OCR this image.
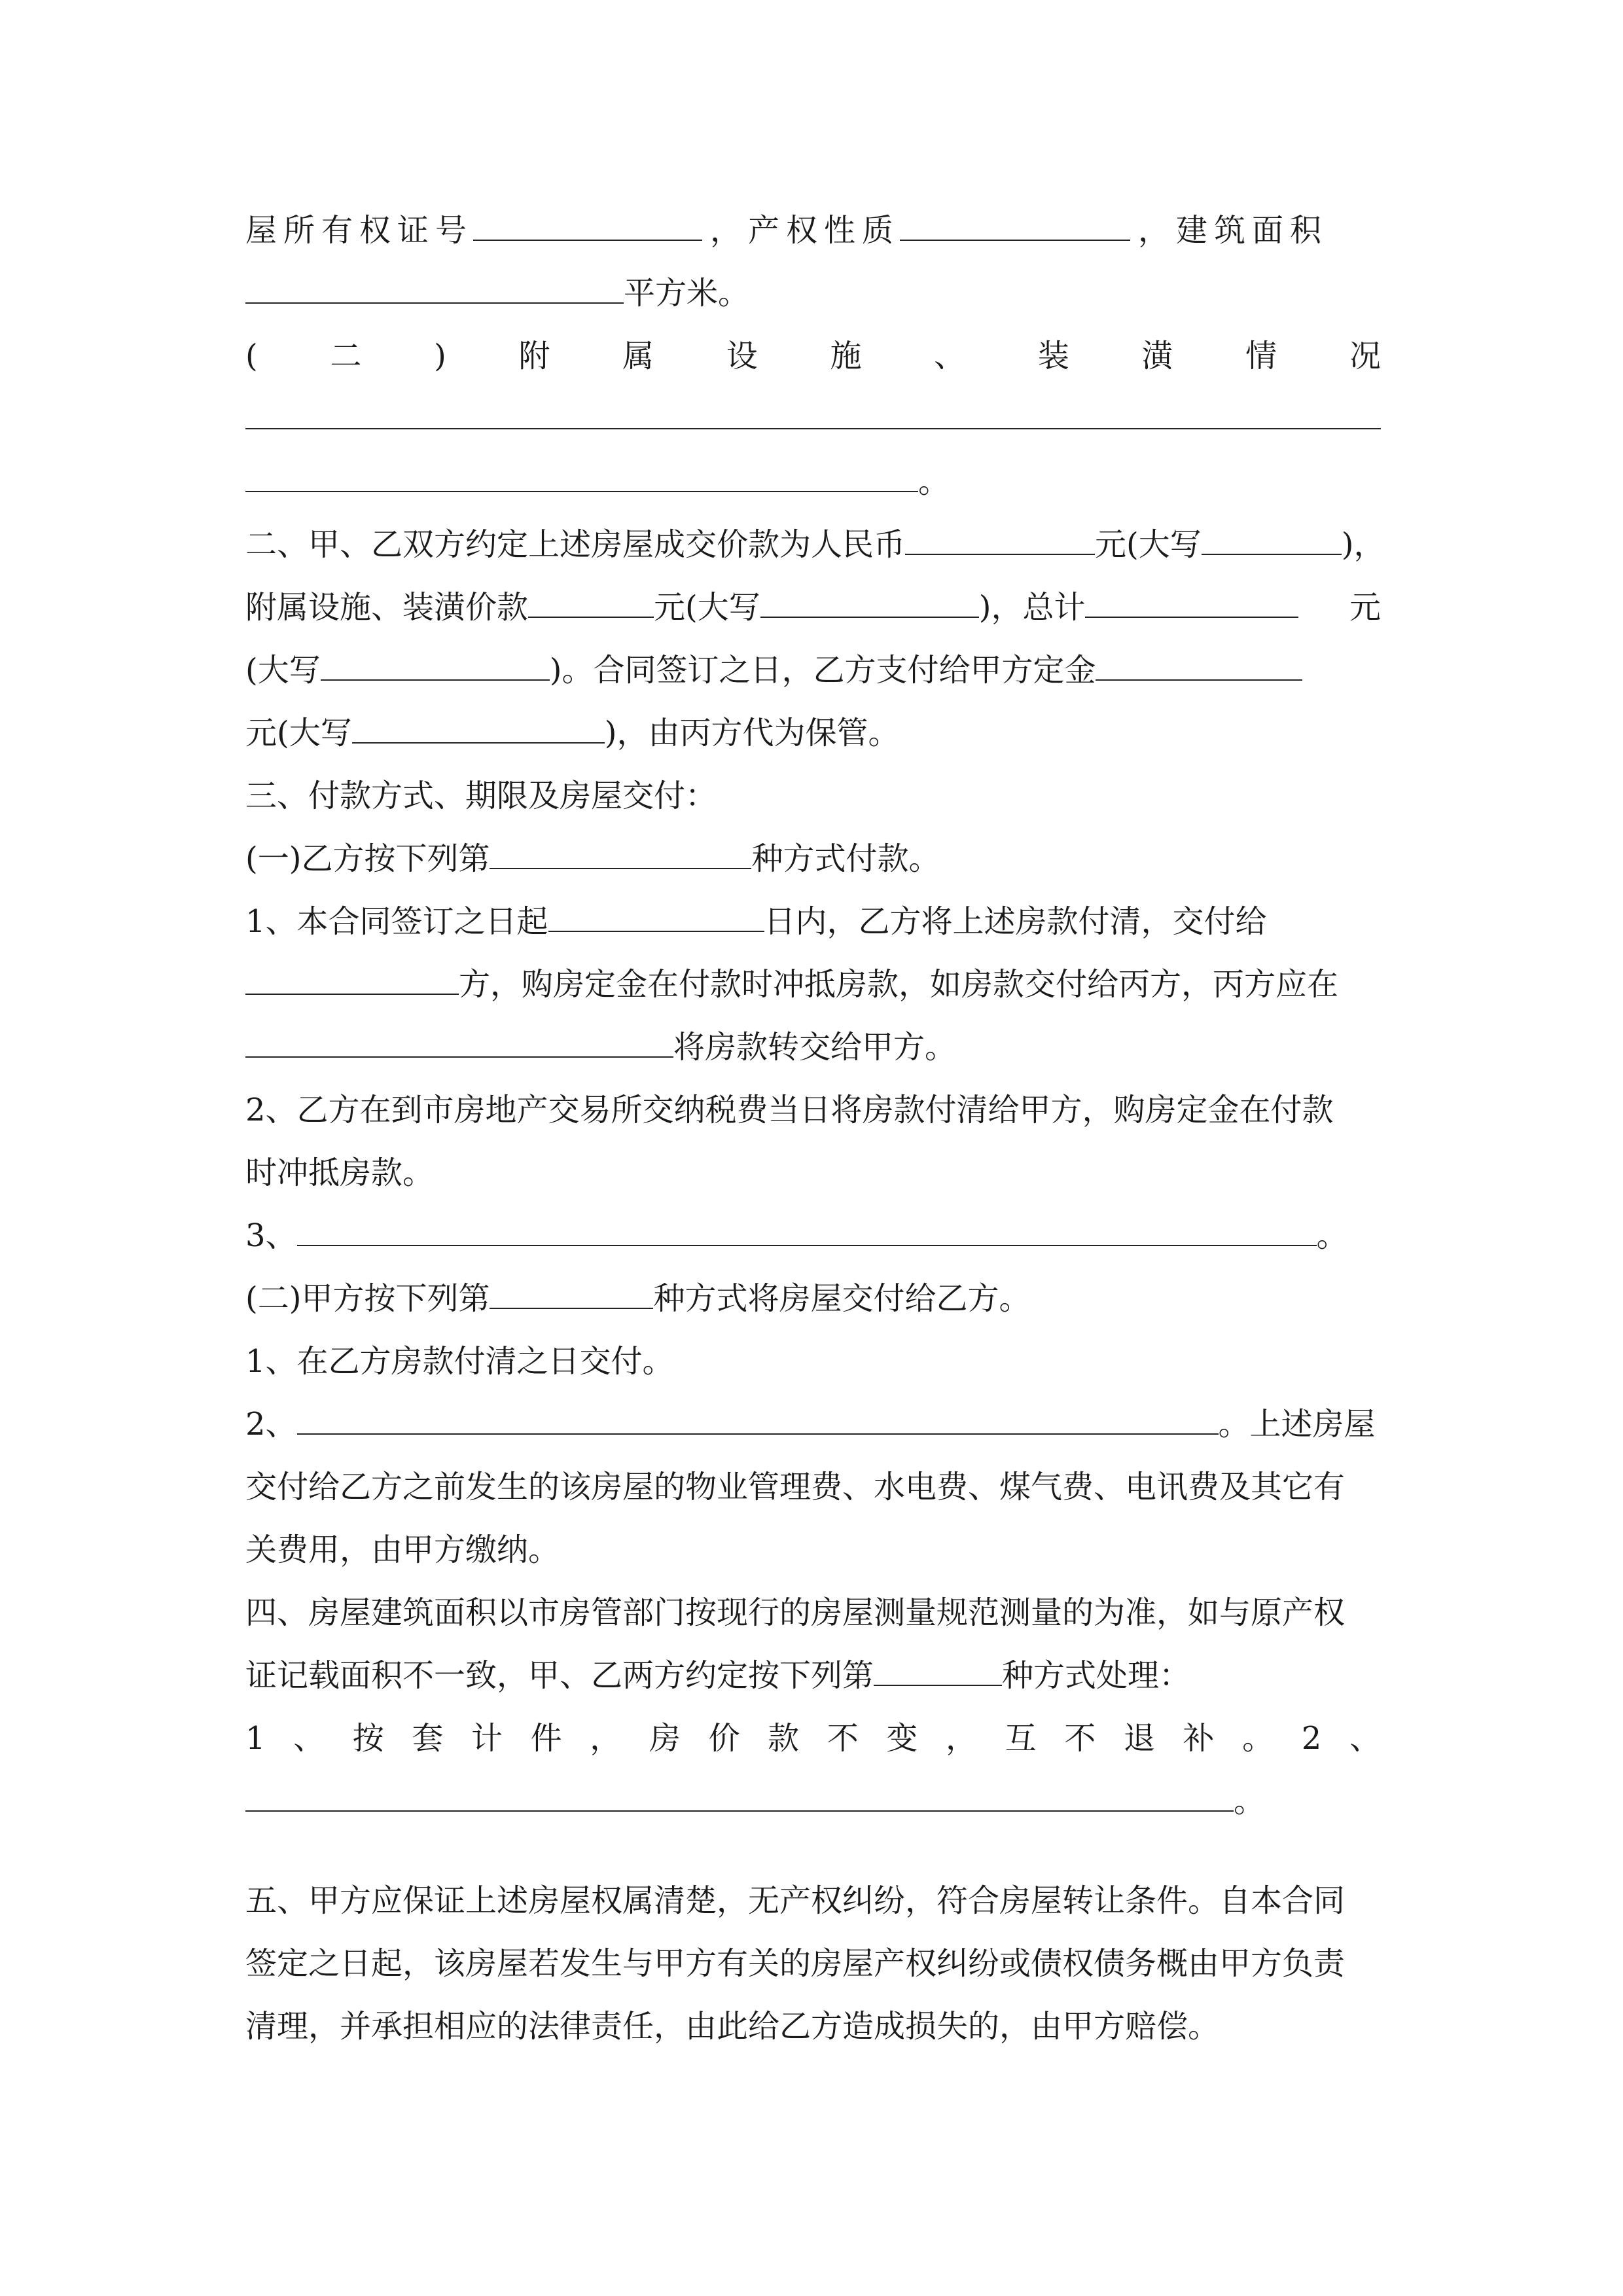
屋所有权证号	，产权性质	，建筑面积
平方米。
( 二 ) 附 属 设 施 、 装 潢 情 况
。
二、甲、乙双方约定上述房屋成交价款为人民币	元(大写	)，
附属设施、装潢价款	元(大写	)，总计	元
(大写	)。合同签订之日，乙方支付给甲方定金
元(大写	)，由丙方代为保管。
三、付款方式、期限及房屋交付：
(一)乙方按下列第	种方式付款。
1、本合同签订之日起	日内，乙方将上述房款付清，交付给
方，购房定金在付款时冲抵房款，如房款交付给丙方，丙方应在
将房款转交给甲方。
2、乙方在到市房地产交易所交纳税费当日将房款付清给甲方，购房定金在付款
时冲抵房款。
3、	。
(二)甲方按下列第	种方式将房屋交付给乙方。
1、在乙方房款付清之日交付。
2、	。上述房屋
交付给乙方之前发生的该房屋的物业管理费、水电费、煤气费、电讯费及其它有
关费用，由甲方缴纳。
四、房屋建筑面积以市房管部门按现行的房屋测量规范测量的为准，如与原产权
证记载面积不一致，甲、乙两方约定按下列第	种方式处理：
1 、 按 套 计 件 ， 房 价 款 不 变 ， 互 不 退 补 。 2 、
。
五、甲方应保证上述房屋权属清楚，无产权纠纷，符合房屋转让条件。自本合同
签定之日起，该房屋若发生与甲方有关的房屋产权纠纷或债权债务概由甲方负责
清理，并承担相应的法律责任，由此给乙方造成损失的，由甲方赔偿。
